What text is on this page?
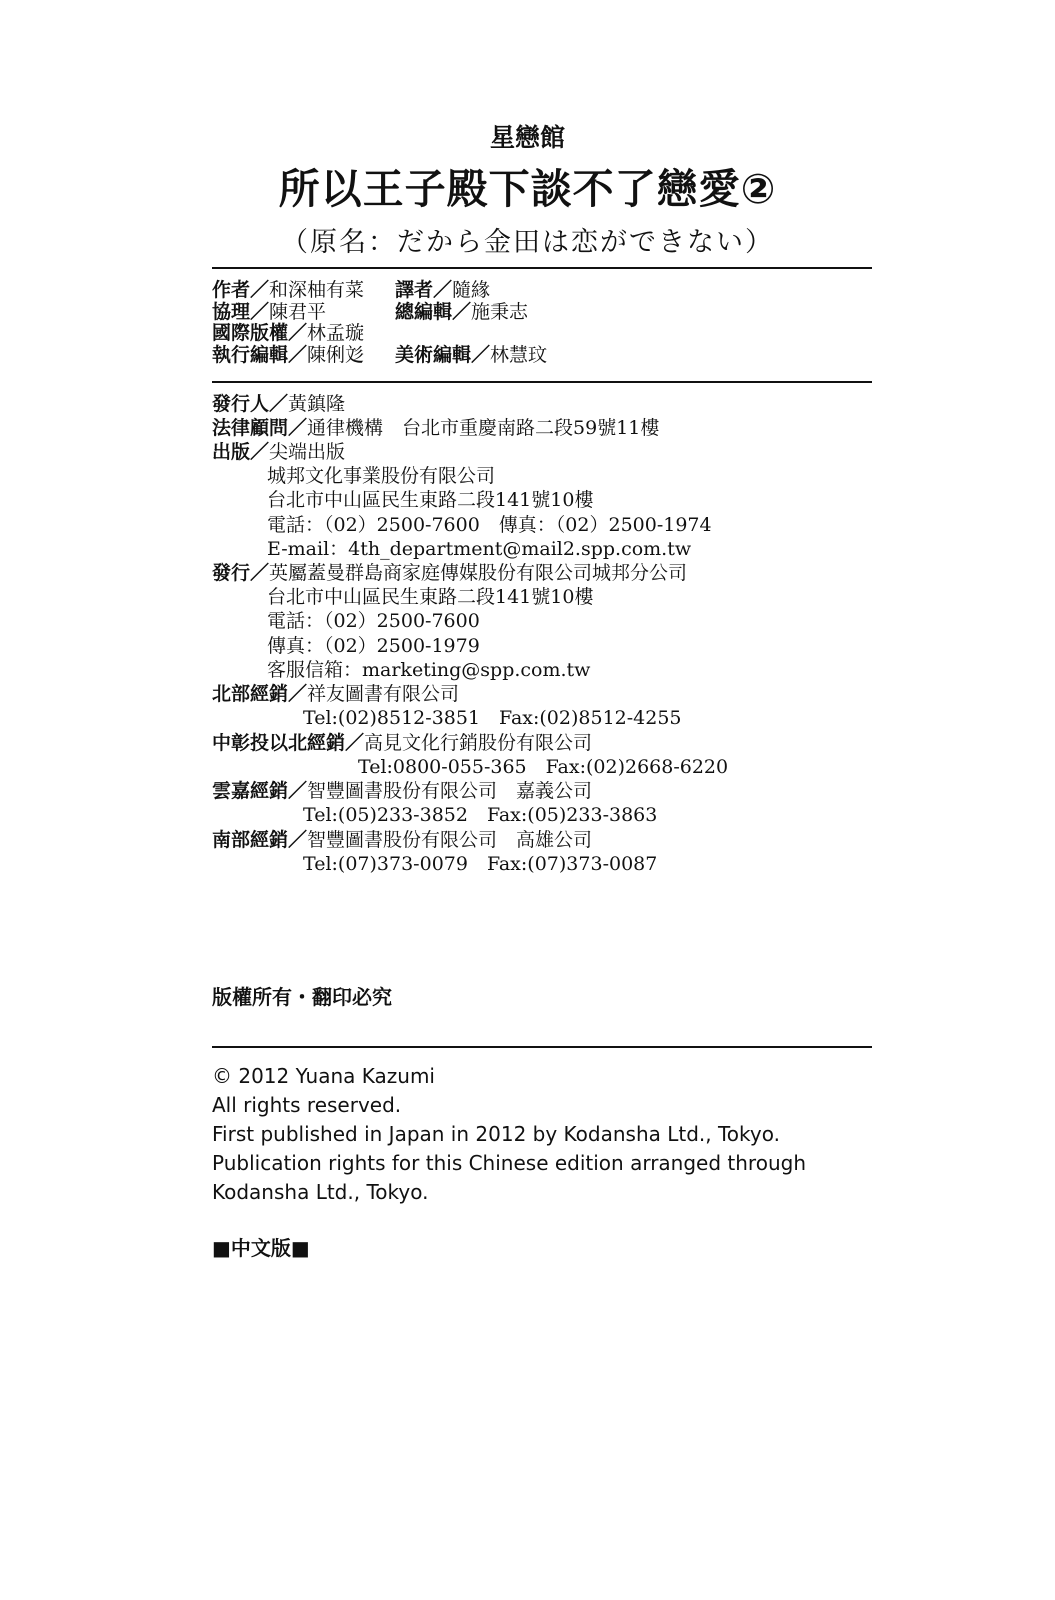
星戀館
所以王子殿下談不了戀愛②
（原名：だから金田は恋ができない）
作者／和深柚有菜 譯者／隨緣
協理／陳君平	總編輯／施秉志
國際版權／林孟璇
執行編輯／陳俐彣 美術編輯／林慧玟
發行人／黃鎮隆
法律顧問／通律機構　台北市重慶南路二段59號11樓
出版／尖端出版
城邦文化事業股份有限公司
台北市中山區民生東路二段141號10樓
電話：（02）2500-7600　傳真：（02）2500-1974
E-mail：4th_department@mail2.spp.com.tw
發行／英屬蓋曼群島商家庭傳媒股份有限公司城邦分公司
台北市中山區民生東路二段141號10樓
電話：（02）2500-7600
傳真：（02）2500-1979
客服信箱：marketing@spp.com.tw
北部經銷／祥友圖書有限公司
Tel:(02)8512-3851　Fax:(02)8512-4255
中彰投以北經銷／高見文化行銷股份有限公司
Tel:0800-055-365　Fax:(02)2668-6220
雲嘉經銷／智豐圖書股份有限公司　嘉義公司
Tel:(05)233-3852　Fax:(05)233-3863
南部經銷／智豐圖書股份有限公司　高雄公司
Tel:(07)373-0079　Fax:(07)373-0087
版權所有・翻印必究
© 2012 Yuana Kazumi
All rights reserved.
First published in Japan in 2012 by Kodansha Ltd., Tokyo.
Publication rights for this Chinese edition arranged through
Kodansha Ltd., Tokyo.
■中文版■
